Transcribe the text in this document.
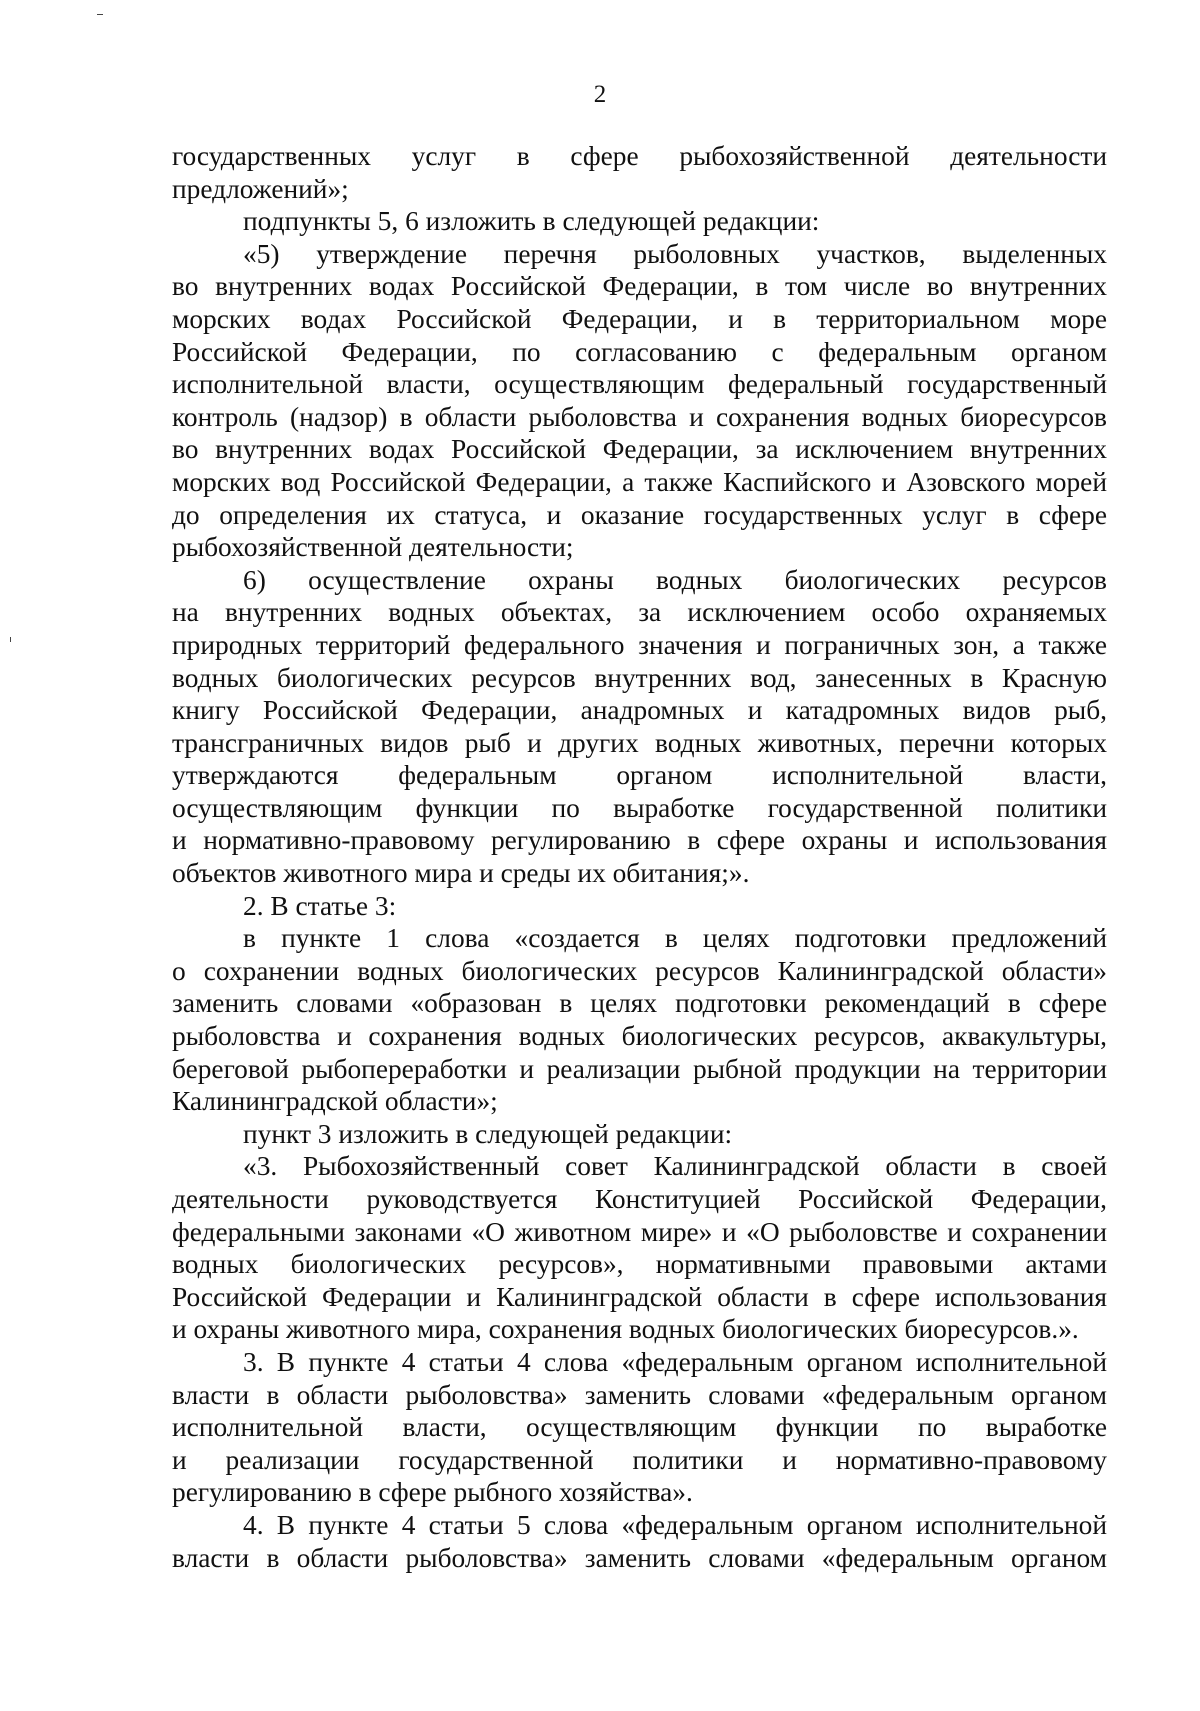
2
государственных услуг в сфере рыбохозяйственной деятельности
предложений»;
подпункты 5, 6 изложить в следующей редакции:
«5) утверждение перечня рыболовных участков, выделенных
во внутренних водах Российской Федерации, в том числе во внутренних
морских водах Российской Федерации, и в территориальном море
Российской Федерации, по согласованию с федеральным органом
исполнительной власти, осуществляющим федеральный государственный
контроль (надзор) в области рыболовства и сохранения водных биоресурсов
во внутренних водах Российской Федерации, за исключением внутренних
морских вод Российской Федерации, а также Каспийского и Азовского морей
до определения их статуса, и оказание государственных услуг в сфере
рыбохозяйственной деятельности;
6) осуществление охраны водных биологических ресурсов
на внутренних водных объектах, за исключением особо охраняемых
природных территорий федерального значения и пограничных зон, а также
водных биологических ресурсов внутренних вод, занесенных в Красную
книгу Российской Федерации, анадромных и катадромных видов рыб,
трансграничных видов рыб и других водных животных, перечни которых
утверждаются федеральным органом исполнительной власти,
осуществляющим функции по выработке государственной политики
и нормативно-правовому регулированию в сфере охраны и использования
объектов животного мира и среды их обитания;».
2. В статье 3:
в пункте 1 слова «создается в целях подготовки предложений
о сохранении водных биологических ресурсов Калининградской области»
заменить словами «образован в целях подготовки рекомендаций в сфере
рыболовства и сохранения водных биологических ресурсов, аквакультуры,
береговой рыбопереработки и реализации рыбной продукции на территории
Калининградской области»;
пункт 3 изложить в следующей редакции:
«3. Рыбохозяйственный совет Калининградской области в своей
деятельности руководствуется Конституцией Российской Федерации,
федеральными законами «О животном мире» и «О рыболовстве и сохранении
водных биологических ресурсов», нормативными правовыми актами
Российской Федерации и Калининградской области в сфере использования
и охраны животного мира, сохранения водных биологических биоресурсов.».
3. В пункте 4 статьи 4 слова «федеральным органом исполнительной
власти в области рыболовства» заменить словами «федеральным органом
исполнительной власти, осуществляющим функции по выработке
и реализации государственной политики и нормативно-правовому
регулированию в сфере рыбного хозяйства».
4. В пункте 4 статьи 5 слова «федеральным органом исполнительной
власти в области рыболовства» заменить словами «федеральным органом
